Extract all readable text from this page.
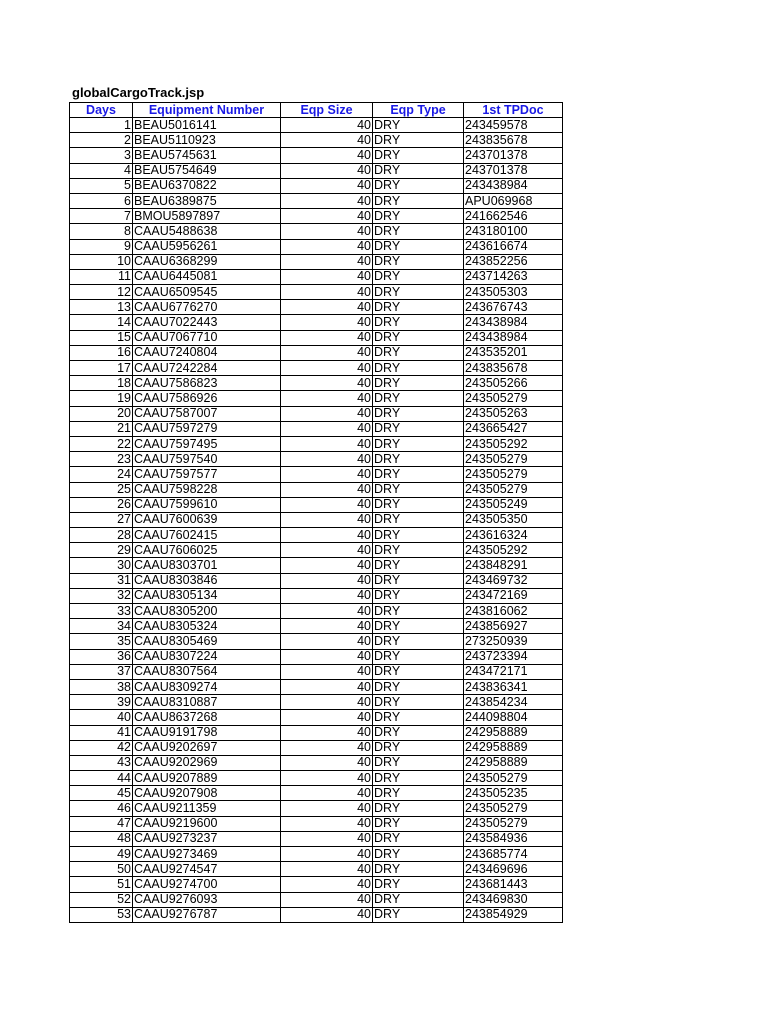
globalCargoTrack.jsp
Days	Equipment Number	Eqp Size	Eqp Type	1st TPDoc
1	BEAU5016141	40	DRY	243459578
2	BEAU5110923	40	DRY	243835678
3	BEAU5745631	40	DRY	243701378
4	BEAU5754649	40	DRY	243701378
5	BEAU6370822	40	DRY	243438984
6	BEAU6389875	40	DRY	APU069968
7	BMOU5897897	40	DRY	241662546
8	CAAU5488638	40	DRY	243180100
9	CAAU5956261	40	DRY	243616674
10	CAAU6368299	40	DRY	243852256
11	CAAU6445081	40	DRY	243714263
12	CAAU6509545	40	DRY	243505303
13	CAAU6776270	40	DRY	243676743
14	CAAU7022443	40	DRY	243438984
15	CAAU7067710	40	DRY	243438984
16	CAAU7240804	40	DRY	243535201
17	CAAU7242284	40	DRY	243835678
18	CAAU7586823	40	DRY	243505266
19	CAAU7586926	40	DRY	243505279
20	CAAU7587007	40	DRY	243505263
21	CAAU7597279	40	DRY	243665427
22	CAAU7597495	40	DRY	243505292
23	CAAU7597540	40	DRY	243505279
24	CAAU7597577	40	DRY	243505279
25	CAAU7598228	40	DRY	243505279
26	CAAU7599610	40	DRY	243505249
27	CAAU7600639	40	DRY	243505350
28	CAAU7602415	40	DRY	243616324
29	CAAU7606025	40	DRY	243505292
30	CAAU8303701	40	DRY	243848291
31	CAAU8303846	40	DRY	243469732
32	CAAU8305134	40	DRY	243472169
33	CAAU8305200	40	DRY	243816062
34	CAAU8305324	40	DRY	243856927
35	CAAU8305469	40	DRY	273250939
36	CAAU8307224	40	DRY	243723394
37	CAAU8307564	40	DRY	243472171
38	CAAU8309274	40	DRY	243836341
39	CAAU8310887	40	DRY	243854234
40	CAAU8637268	40	DRY	244098804
41	CAAU9191798	40	DRY	242958889
42	CAAU9202697	40	DRY	242958889
43	CAAU9202969	40	DRY	242958889
44	CAAU9207889	40	DRY	243505279
45	CAAU9207908	40	DRY	243505235
46	CAAU9211359	40	DRY	243505279
47	CAAU9219600	40	DRY	243505279
48	CAAU9273237	40	DRY	243584936
49	CAAU9273469	40	DRY	243685774
50	CAAU9274547	40	DRY	243469696
51	CAAU9274700	40	DRY	243681443
52	CAAU9276093	40	DRY	243469830
53	CAAU9276787	40	DRY	243854929
